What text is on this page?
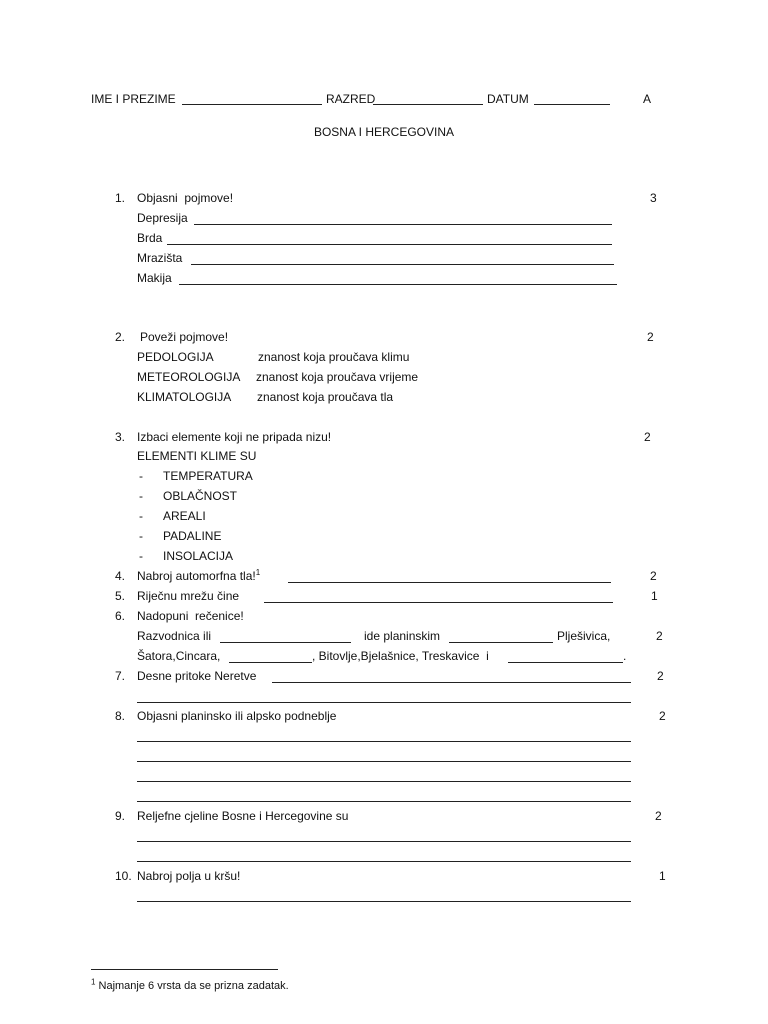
IME I PREZIME	RAZRED	DATUM	A
BOSNA I HERCEGOVINA
1. Objasni  pojmove!	3
Depresija
Brda
Mrazišta
Makija
2. Poveži pojmove!	2
PEDOLOGIJA	znanost koja proučava klimu
METEOROLOGIJA znanost koja proučava vrijeme
KLIMATOLOGIJA znanost koja proučava tla
3. Izbaci elemente koji ne pripada nizu!	2
ELEMENTI KLIME SU
- TEMPERATURA
- OBLAČNOST
- AREALI
- PADALINE
- INSOLACIJA
4. Nabroj automorfna tla!$^1$	2
5. Riječnu mrežu čine	1
6. Nadopuni  rečenice!
Razvodnica ili	ide planinskim	Plješivica,	2
Šatora,Cincara,	, Bitovlje,Bjelašnice, Treskavice  i	.
7. Desne pritoke Neretve	2
8. Objasni planinsko ili alpsko podneblje	2
9. Reljefne cjeline Bosne i Hercegovine su	2
10. Nabroj polja u kršu!	1
$^1$ Najmanje 6 vrsta da se prizna zadatak.
